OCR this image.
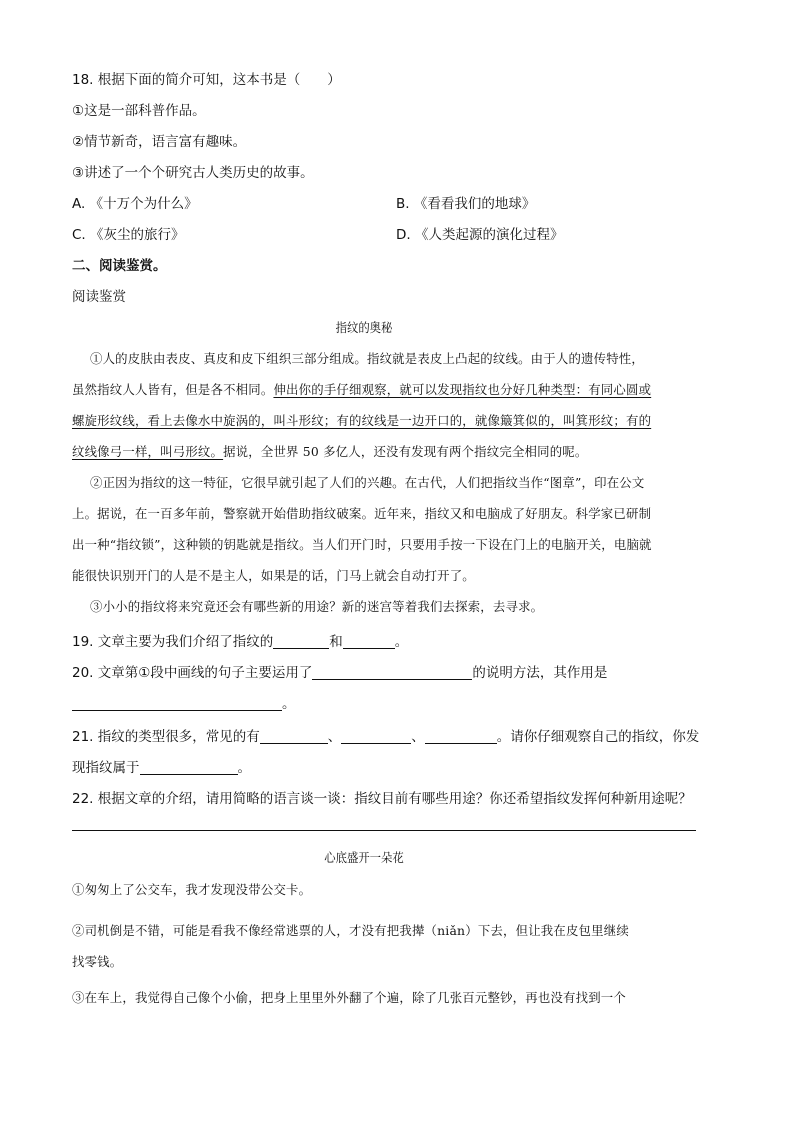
18. 根据下面的简介可知，这本书是（　　）
①这是一部科普作品。
②情节新奇，语言富有趣味。
③讲述了一个个研究古人类历史的故事。
A. 《十万个为什么》	B. 《看看我们的地球》
C. 《灰尘的旅行》	D. 《人类起源的演化过程》
二、阅读鉴赏。
阅读鉴赏
指纹的奥秘
①人的皮肤由表皮、真皮和皮下组织三部分组成。指纹就是表皮上凸起的纹线。由于人的遗传特性，
虽然指纹人人皆有，但是各不相同。伸出你的手仔细观察，就可以发现指纹也分好几种类型：有同心圆或
螺旋形纹线，看上去像水中旋涡的，叫斗形纹；有的纹线是一边开口的，就像簸箕似的，叫箕形纹；有的
纹线像弓一样，叫弓形纹。据说，全世界 50 多亿人，还没有发现有两个指纹完全相同的呢。
②正因为指纹的这一特征，它很早就引起了人们的兴趣。在古代，人们把指纹当作“图章”，印在公文
上。据说，在一百多年前，警察就开始借助指纹破案。近年来，指纹又和电脑成了好朋友。科学家已研制
出一种“指纹锁”，这种锁的钥匙就是指纹。当人们开门时，只要用手按一下设在门上的电脑开关，电脑就
能很快识别开门的人是不是主人，如果是的话，门马上就会自动打开了。
③小小的指纹将来究竟还会有哪些新的用途？新的迷宫等着我们去探索，去寻求。
19. 文章主要为我们介绍了指纹的	和	。
20. 文章第①段中画线的句子主要运用了	的说明方法，其作用是
。
21. 指纹的类型很多，常见的有	、	、	。请你仔细观察自己的指纹，你发
现指纹属于	。
22. 根据文章的介绍，请用简略的语言谈一谈：指纹目前有哪些用途？你还希望指纹发挥何种新用途呢？
心底盛开一朵花
①匆匆上了公交车，我才发现没带公交卡。
②司机倒是不错，可能是看我不像经常逃票的人，才没有把我撵（niǎn）下去，但让我在皮包里继续
找零钱。
③在车上，我觉得自己像个小偷，把身上里里外外翻了个遍，除了几张百元整钞，再也没有找到一个
